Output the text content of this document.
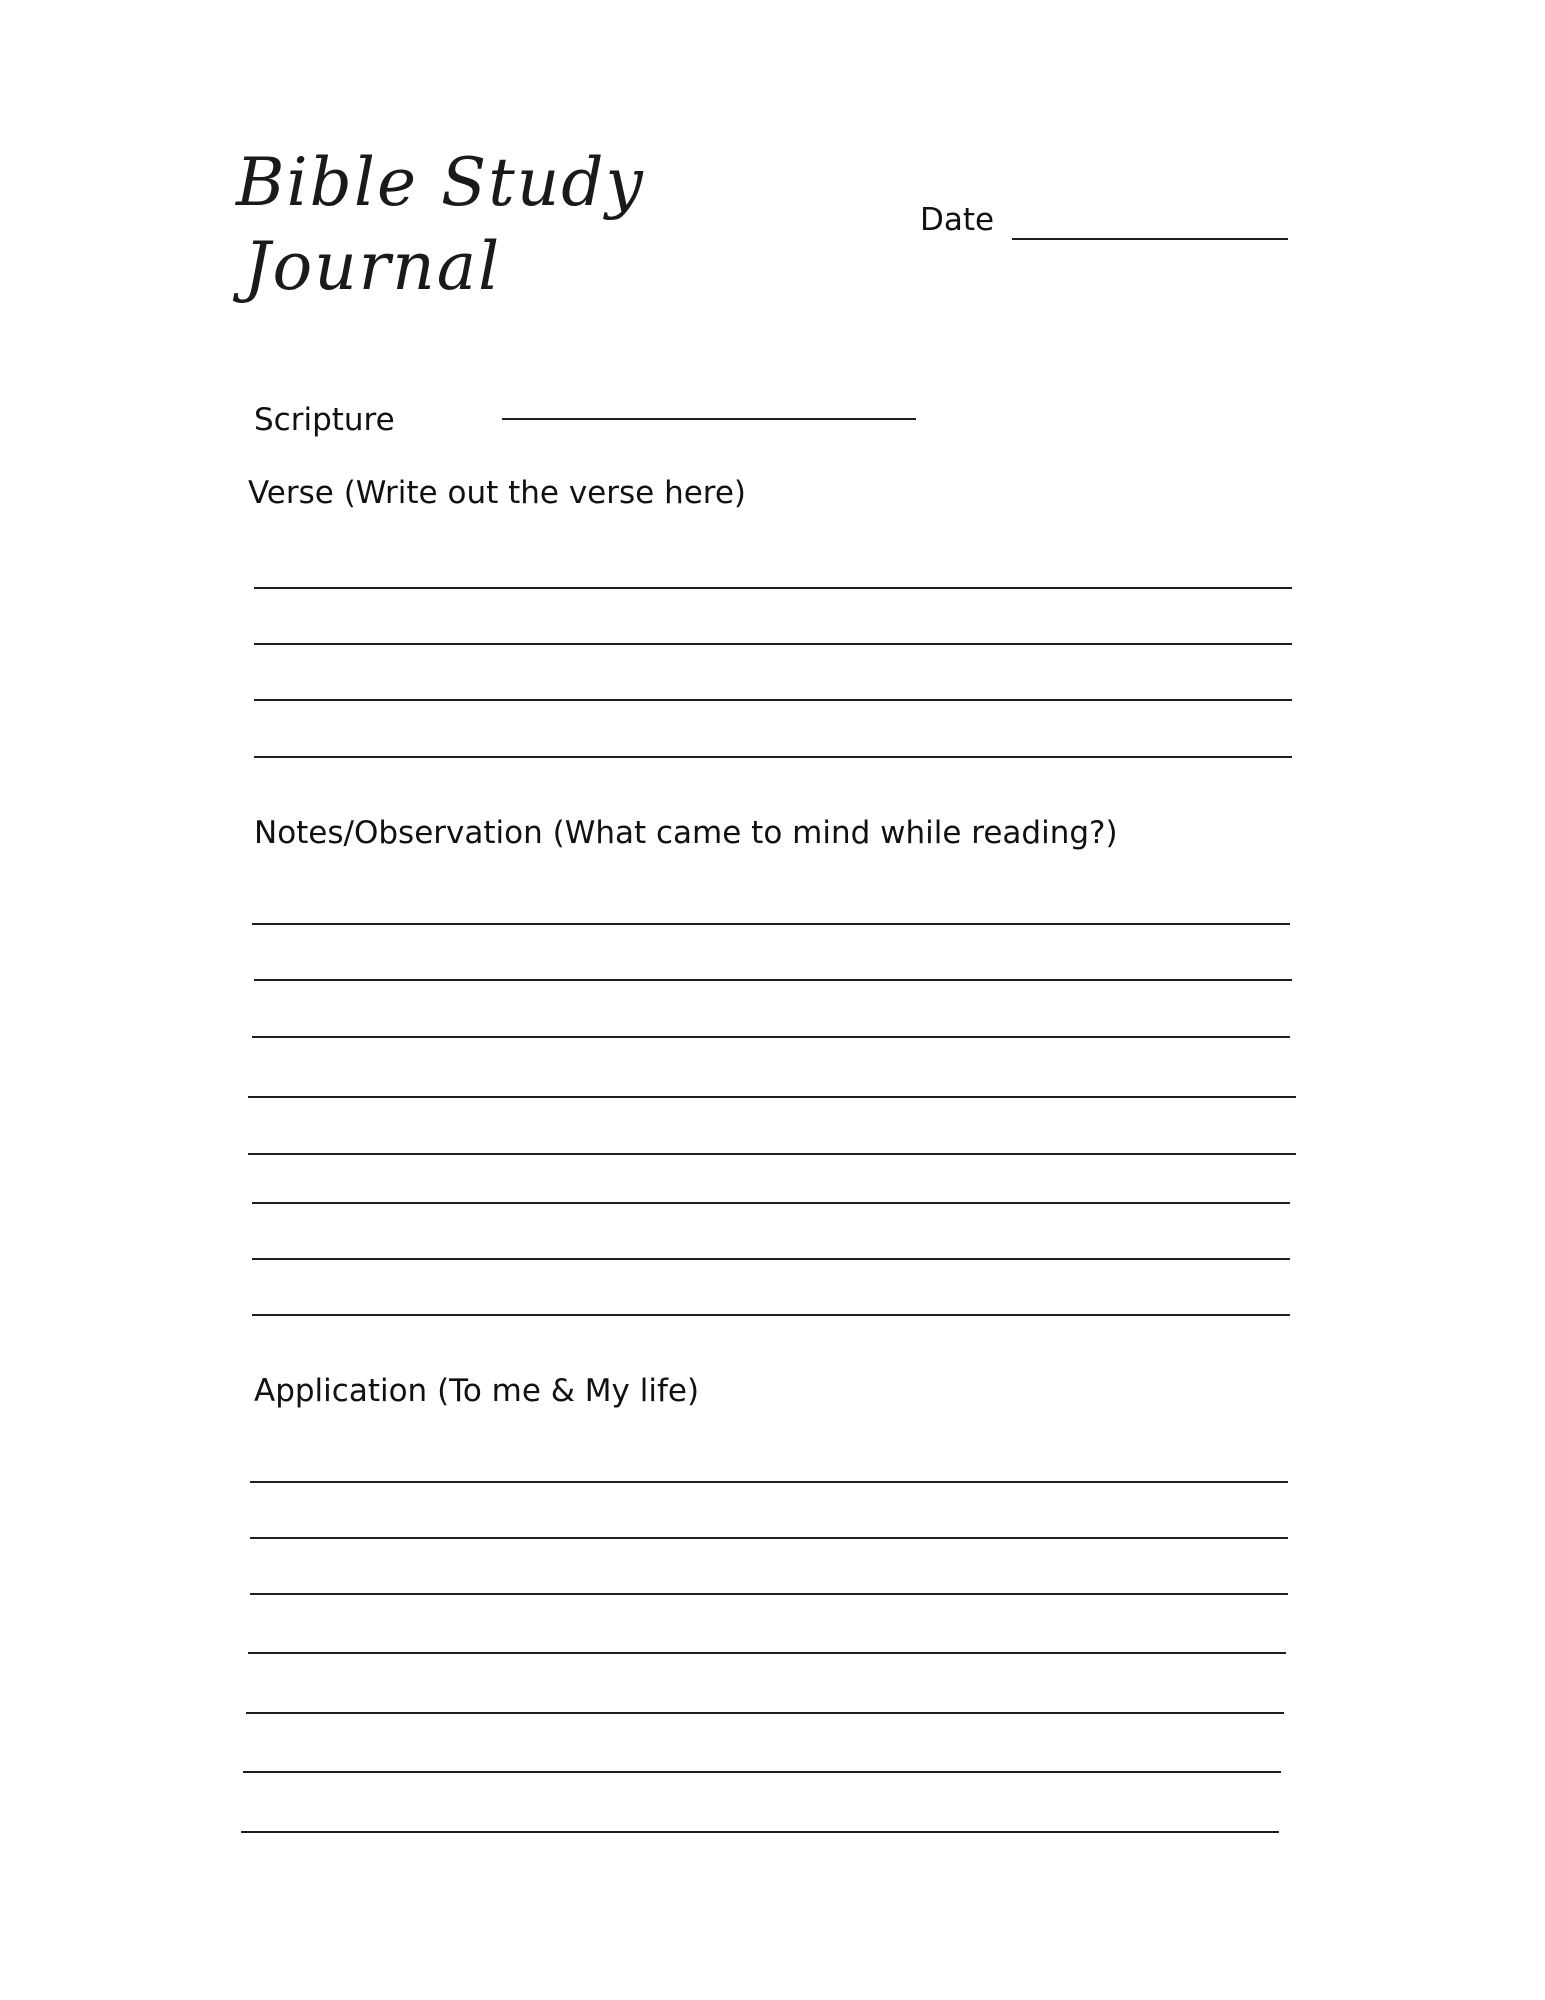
Bible Study
Journal
Date
Scripture
Verse (Write out the verse here)
Notes/Observation (What came to mind while reading?)
Application (To me & My life)
